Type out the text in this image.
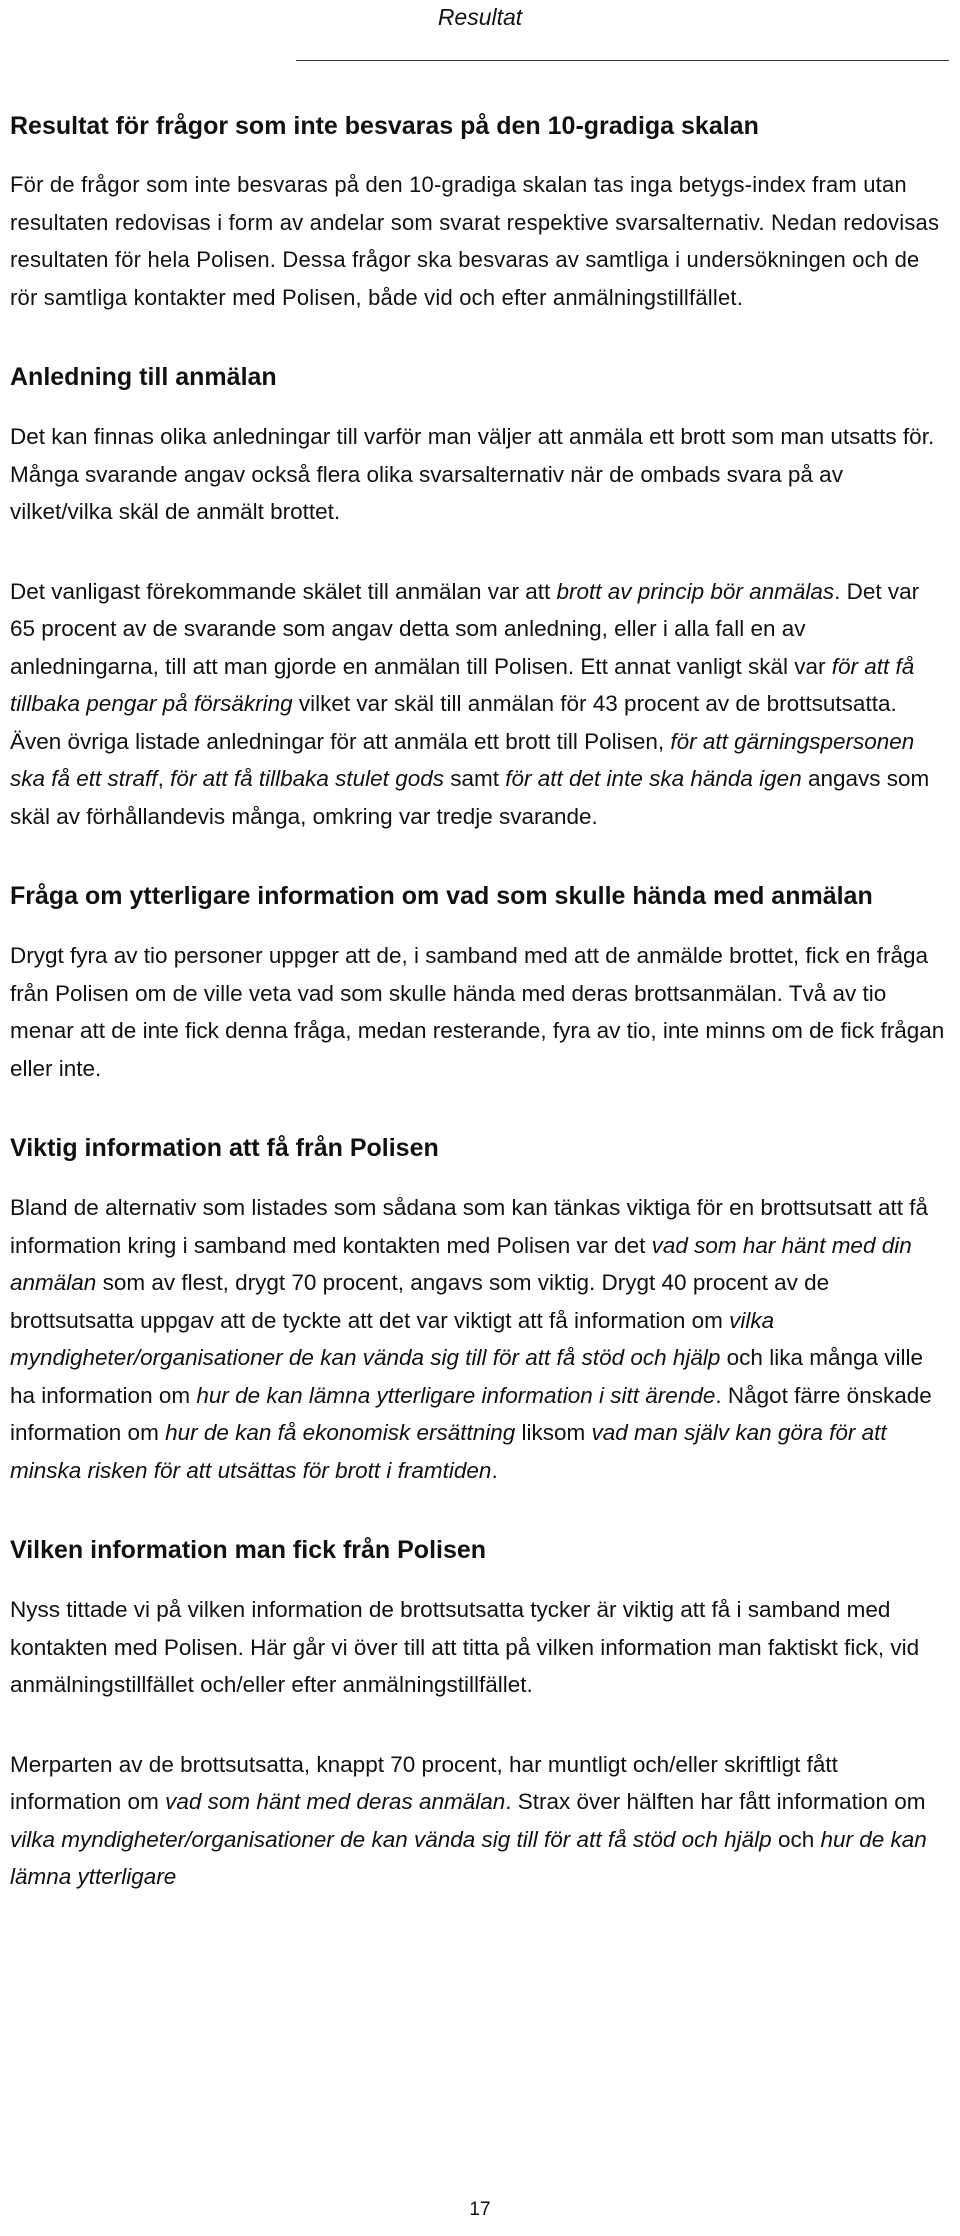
Resultat
Resultat för frågor som inte besvaras på den 10-gradiga skalan

För de frågor som inte besvaras på den 10-gradiga skalan tas inga betygs-index fram utan resultaten redovisas i form av andelar som svarat respektive svarsalternativ. Nedan redovisas resultaten för hela Polisen. Dessa frågor ska besvaras av samtliga i undersökningen och de rör samtliga kontakter med Polisen, både vid och efter anmälningstillfället.

Anledning till anmälan

Det kan finnas olika anledningar till varför man väljer att anmäla ett brott som man utsatts för. Många svarande angav också flera olika svarsalternativ när de ombads svara på av vilket/vilka skäl de anmält brottet.

Det vanligast förekommande skälet till anmälan var att brott av princip bör anmälas. Det var 65 procent av de svarande som angav detta som anledning, eller i alla fall en av anledningarna, till att man gjorde en anmälan till Polisen. Ett annat vanligt skäl var för att få tillbaka pengar på försäkring vilket var skäl till anmälan för 43 procent av de brottsutsatta. Även övriga listade anledningar för att anmäla ett brott till Polisen, för att gärningspersonen ska få ett straff, för att få tillbaka stulet gods samt för att det inte ska hända igen angavs som skäl av förhållandevis många, omkring var tredje svarande.

Fråga om ytterligare information om vad som skulle hända med anmälan

Drygt fyra av tio personer uppger att de, i samband med att de anmälde brottet, fick en fråga från Polisen om de ville veta vad som skulle hända med deras brottsanmälan. Två av tio menar att de inte fick denna fråga, medan resterande, fyra av tio, inte minns om de fick frågan eller inte.

Viktig information att få från Polisen

Bland de alternativ som listades som sådana som kan tänkas viktiga för en brottsutsatt att få information kring i samband med kontakten med Polisen var det vad som har hänt med din anmälan som av flest, drygt 70 procent, angavs som viktig. Drygt 40 procent av de brottsutsatta uppgav att de tyckte att det var viktigt att få information om vilka myndigheter/organisationer de kan vända sig till för att få stöd och hjälp och lika många ville ha information om hur de kan lämna ytterligare information i sitt ärende. Något färre önskade information om hur de kan få ekonomisk ersättning liksom vad man själv kan göra för att minska risken för att utsättas för brott i framtiden.

Vilken information man fick från Polisen

Nyss tittade vi på vilken information de brottsutsatta tycker är viktig att få i samband med kontakten med Polisen. Här går vi över till att titta på vilken information man faktiskt fick, vid anmälningstillfället och/eller efter anmälningstillfället.

Merparten av de brottsutsatta, knappt 70 procent, har muntligt och/eller skriftligt fått information om vad som hänt med deras anmälan. Strax över hälften har fått information om vilka myndigheter/organisationer de kan vända sig till för att få stöd och hjälp och hur de kan lämna ytterligare

17
